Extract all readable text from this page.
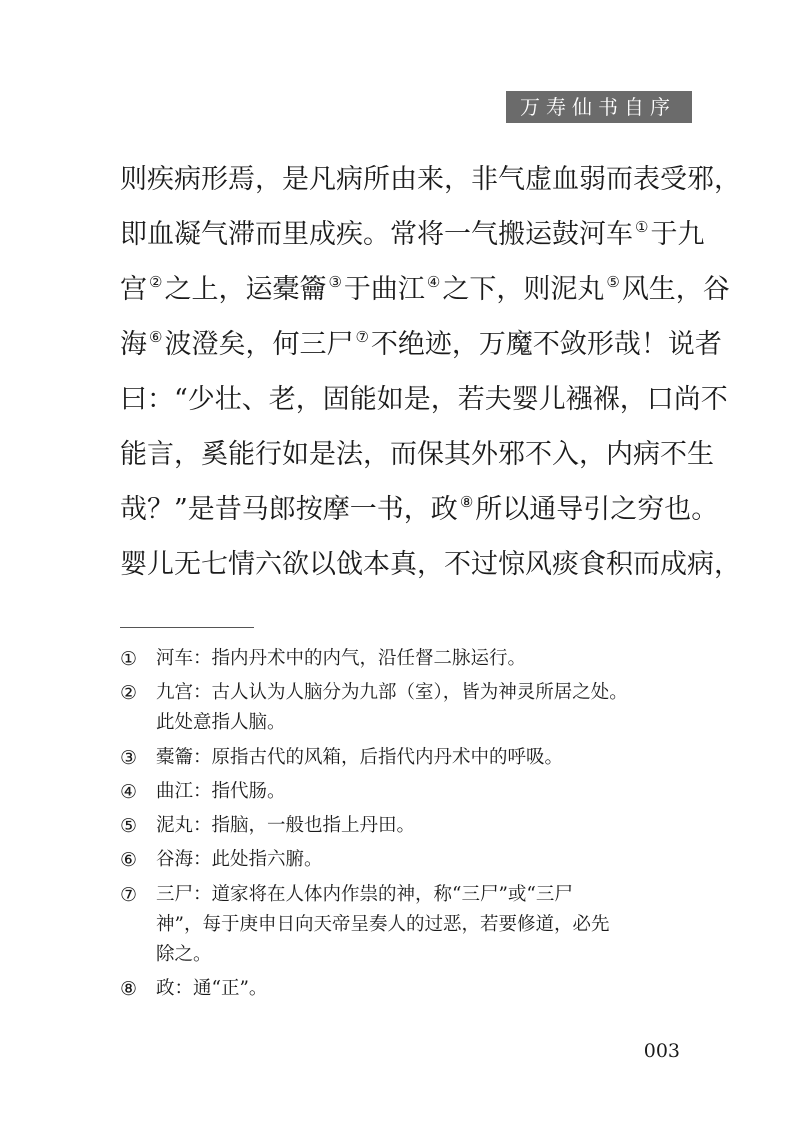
万寿仙书自序
则疾病形焉，是凡病所由来，非气虚血弱而表受邪，
即血凝气滞而里成疾。常将一气搬运鼓河车 ①于九
宫 ②之上，运橐籥 ③于曲江 ④之下，则泥丸 ⑤风生，谷
海 ⑥波澄矣，何三尸 ⑦不绝迹，万魔不敛形哉！说者
曰：“少壮、老，固能如是，若夫婴儿襁褓，口尚不
能言，奚能行如是法，而保其外邪不入，内病不生
哉？”是昔马郎按摩一书，政 ⑧所以通导引之穷也。
婴儿无七情六欲以戗本真，不过惊风痰食积而成病，
①	河车：指内丹术中的内气，沿任督二脉运行。
②	九宫：古人认为人脑分为九部（室），皆为神灵所居之处。
此处意指人脑。
③	橐籥：原指古代的风箱，后指代内丹术中的呼吸。
④	曲江：指代肠。
⑤	泥丸：指脑，一般也指上丹田。
⑥	谷海：此处指六腑。
⑦	三尸：道家将在人体内作祟的神，称“三尸”或“三尸
神”，每于庚申日向天帝呈奏人的过恶，若要修道，必先
除之。
⑧	政：通“正”。
003
